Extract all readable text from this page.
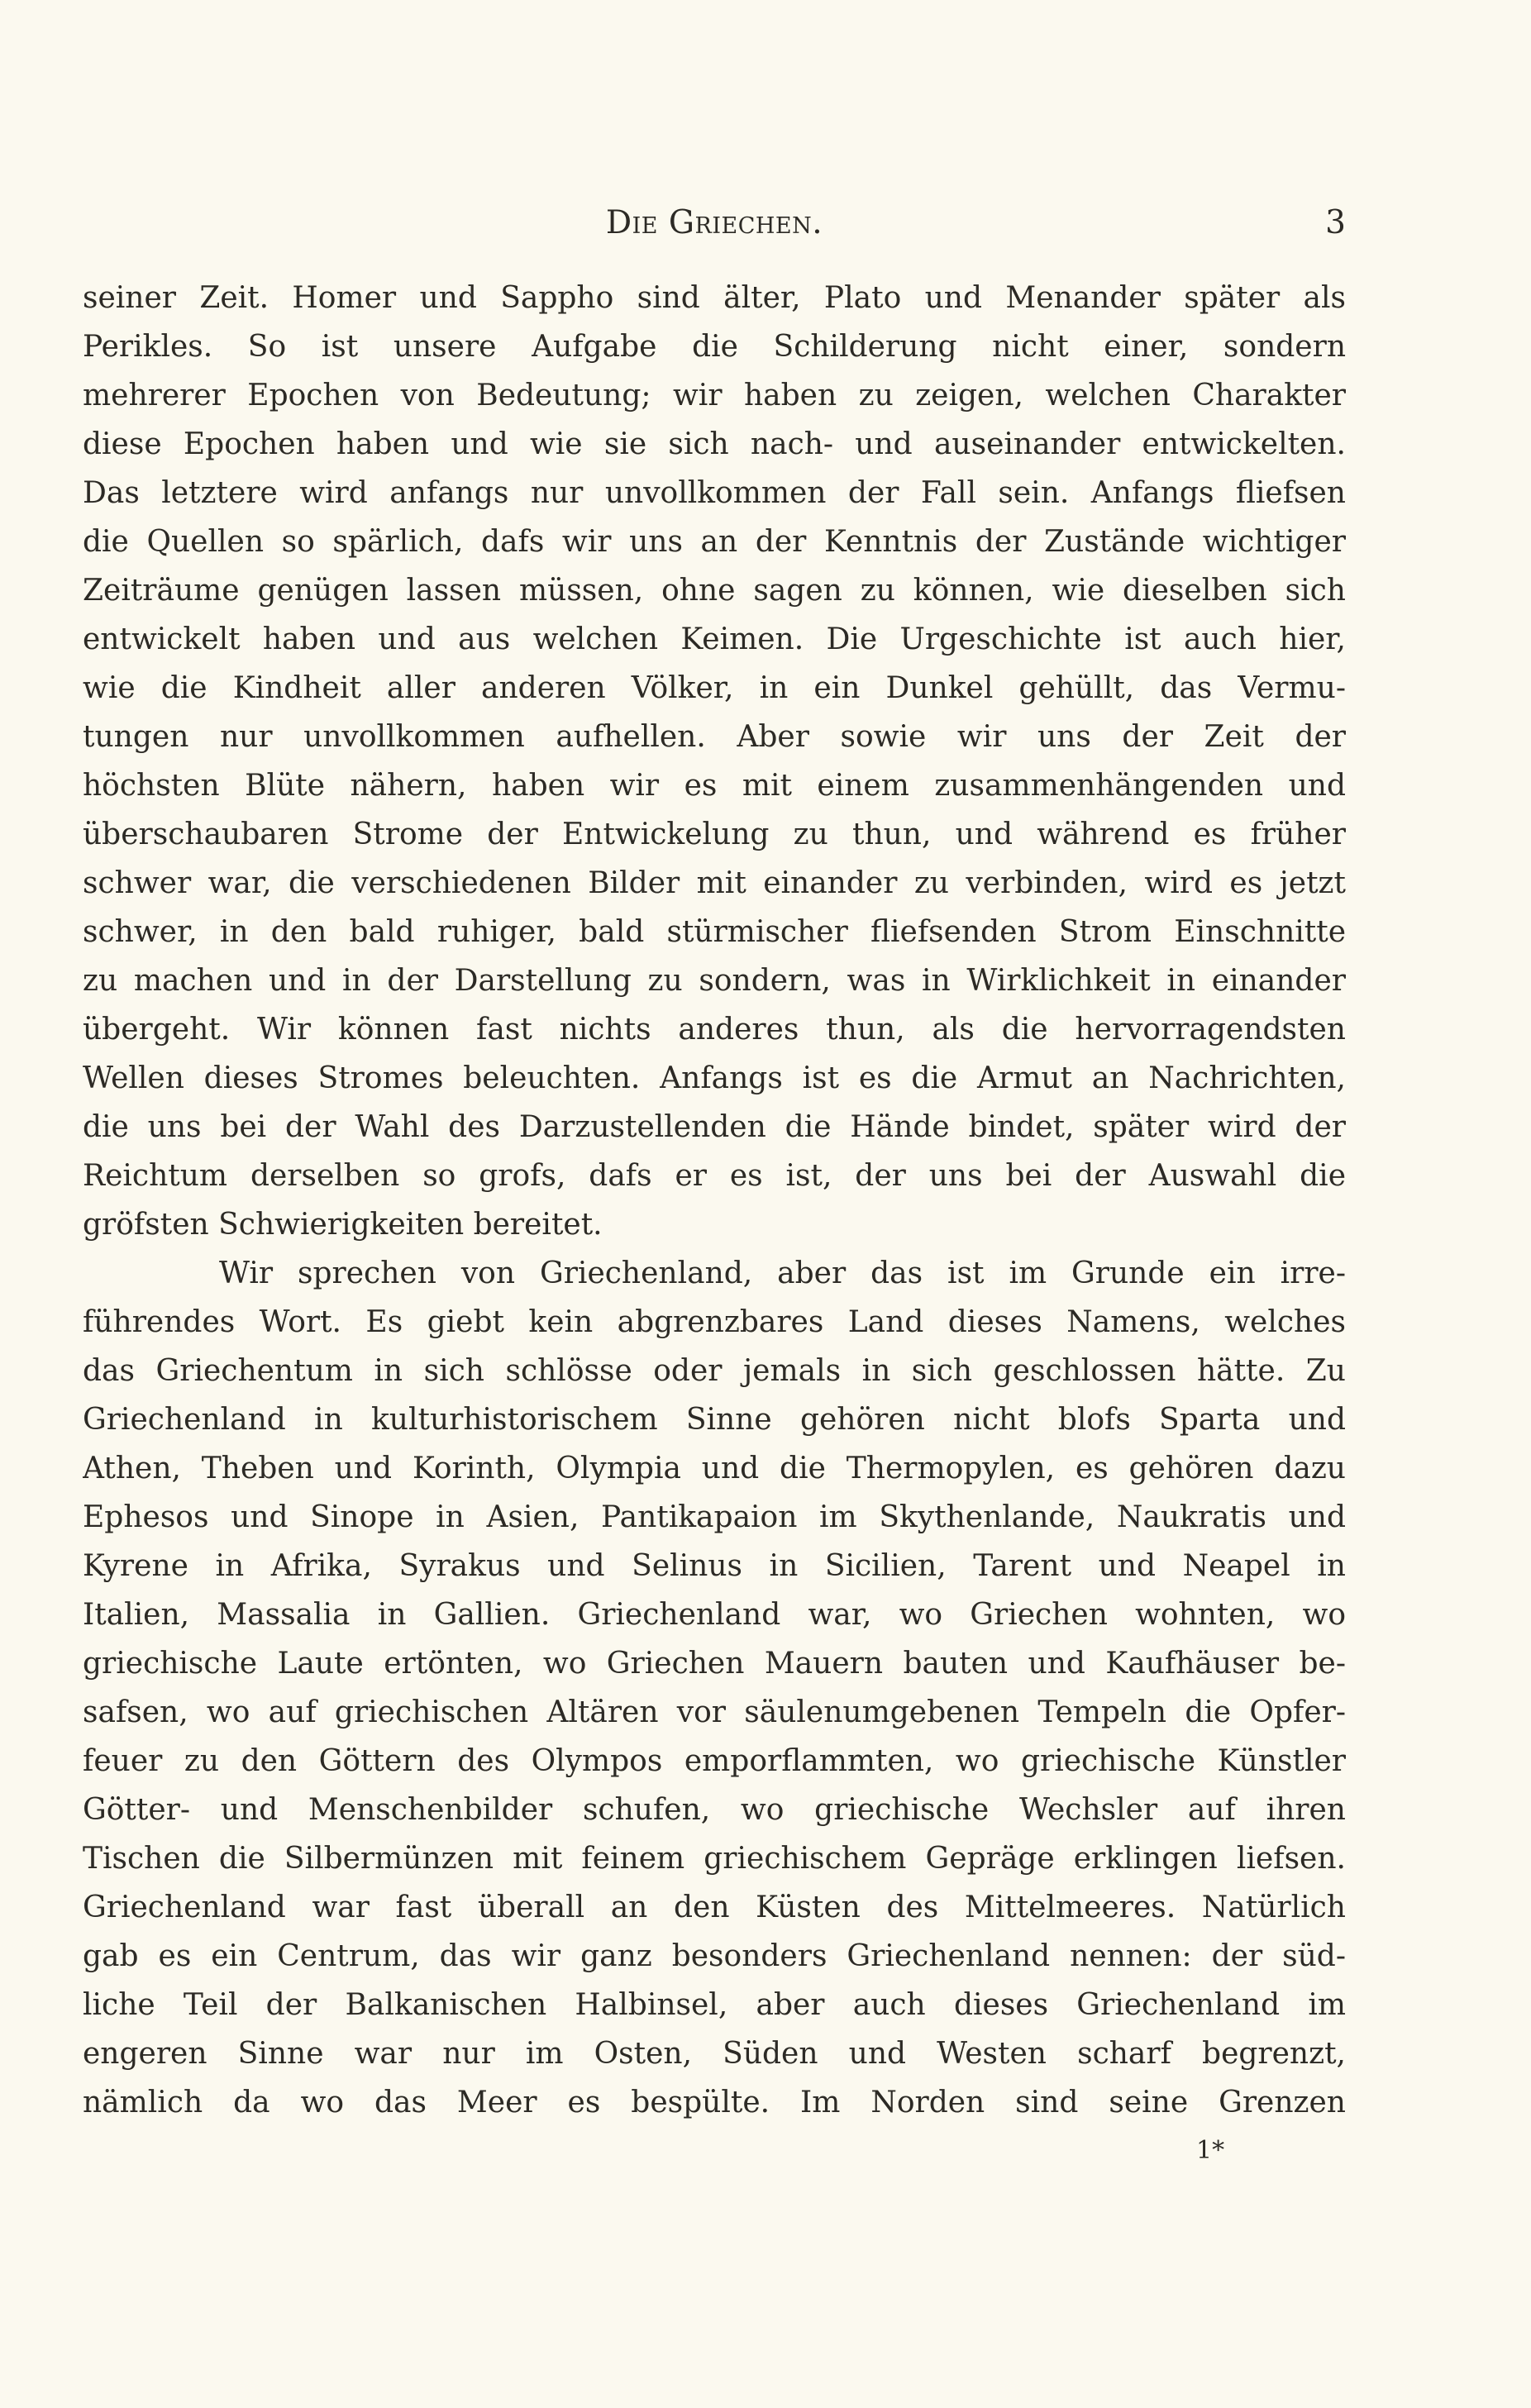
Die Griechen.	3
seiner Zeit. Homer und Sappho sind älter, Plato und Menander später als
Perikles. So ist unsere Aufgabe die Schilderung nicht einer, sondern
mehrerer Epochen von Bedeutung; wir haben zu zeigen, welchen Charakter
diese Epochen haben und wie sie sich nach- und auseinander entwickelten.
Das letztere wird anfangs nur unvollkommen der Fall sein. Anfangs fliefsen
die Quellen so spärlich, dafs wir uns an der Kenntnis der Zustände wichtiger
Zeiträume genügen lassen müssen, ohne sagen zu können, wie dieselben sich
entwickelt haben und aus welchen Keimen. Die Urgeschichte ist auch hier,
wie die Kindheit aller anderen Völker, in ein Dunkel gehüllt, das Vermu-
tungen nur unvollkommen aufhellen. Aber sowie wir uns der Zeit der
höchsten Blüte nähern, haben wir es mit einem zusammenhängenden und
überschaubaren Strome der Entwickelung zu thun, und während es früher
schwer war, die verschiedenen Bilder mit einander zu verbinden, wird es jetzt
schwer, in den bald ruhiger, bald stürmischer fliefsenden Strom Einschnitte
zu machen und in der Darstellung zu sondern, was in Wirklichkeit in einander
übergeht. Wir können fast nichts anderes thun, als die hervorragendsten
Wellen dieses Stromes beleuchten. Anfangs ist es die Armut an Nachrichten,
die uns bei der Wahl des Darzustellenden die Hände bindet, später wird der
Reichtum derselben so grofs, dafs er es ist, der uns bei der Auswahl die
gröfsten Schwierigkeiten bereitet.
Wir sprechen von Griechenland, aber das ist im Grunde ein irre-
führendes Wort. Es giebt kein abgrenzbares Land dieses Namens, welches
das Griechentum in sich schlösse oder jemals in sich geschlossen hätte. Zu
Griechenland in kulturhistorischem Sinne gehören nicht blofs Sparta und
Athen, Theben und Korinth, Olympia und die Thermopylen, es gehören dazu
Ephesos und Sinope in Asien, Pantikapaion im Skythenlande, Naukratis und
Kyrene in Afrika, Syrakus und Selinus in Sicilien, Tarent und Neapel in
Italien, Massalia in Gallien. Griechenland war, wo Griechen wohnten, wo
griechische Laute ertönten, wo Griechen Mauern bauten und Kaufhäuser be-
safsen, wo auf griechischen Altären vor säulenumgebenen Tempeln die Opfer-
feuer zu den Göttern des Olympos emporflammten, wo griechische Künstler
Götter- und Menschenbilder schufen, wo griechische Wechsler auf ihren
Tischen die Silbermünzen mit feinem griechischem Gepräge erklingen liefsen.
Griechenland war fast überall an den Küsten des Mittelmeeres. Natürlich
gab es ein Centrum, das wir ganz besonders Griechenland nennen: der süd-
liche Teil der Balkanischen Halbinsel, aber auch dieses Griechenland im
engeren Sinne war nur im Osten, Süden und Westen scharf begrenzt,
nämlich da wo das Meer es bespülte. Im Norden sind seine Grenzen
1*
